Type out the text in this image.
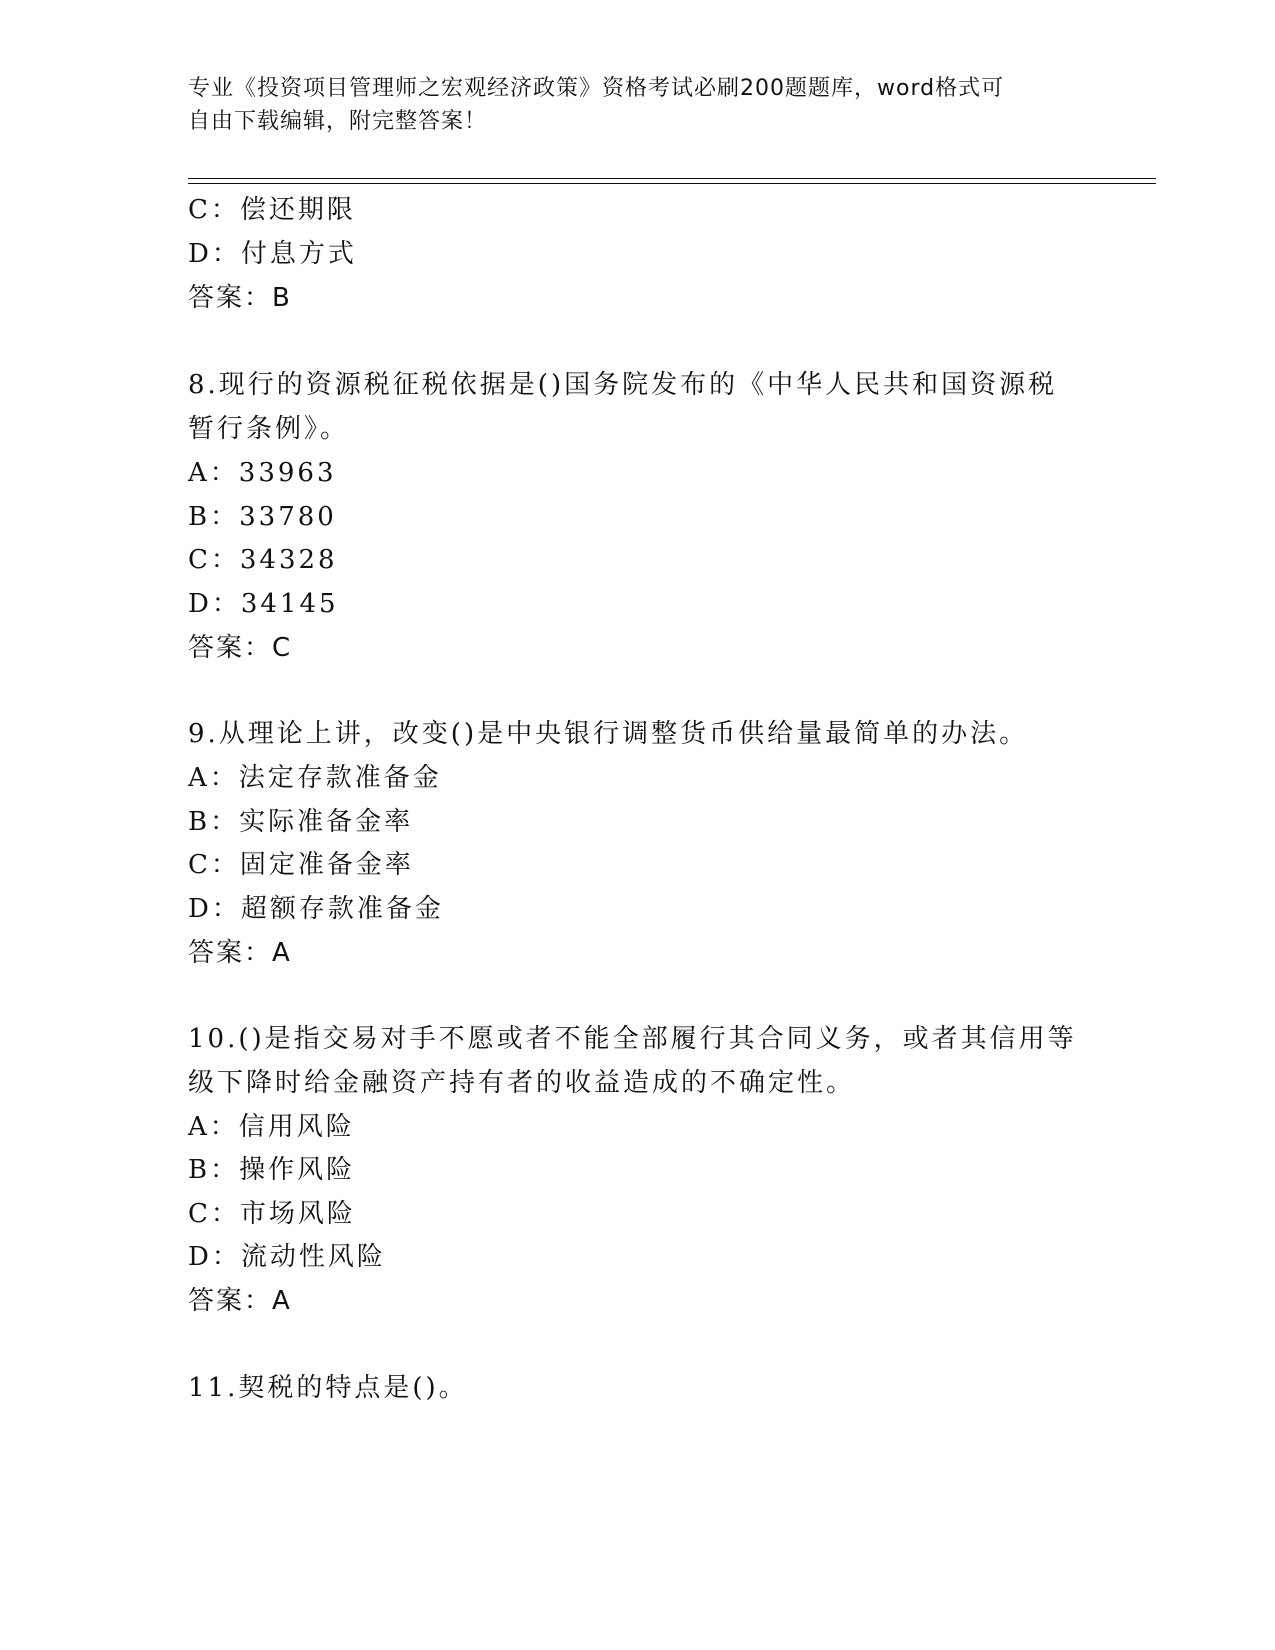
专业《投资项目管理师之宏观经济政策》资格考试必刷200题题库，word格式可
自由下载编辑，附完整答案！
C：偿还期限
D：付息方式
答案：B
8.现行的资源税征税依据是()国务院发布的《中华人民共和国资源税
暂行条例》。
A：33963
B：33780
C：34328
D：34145
答案：C
9.从理论上讲，改变()是中央银行调整货币供给量最简单的办法。
A：法定存款准备金
B：实际准备金率
C：固定准备金率
D：超额存款准备金
答案：A
10.()是指交易对手不愿或者不能全部履行其合同义务，或者其信用等
级下降时给金融资产持有者的收益造成的不确定性。
A：信用风险
B：操作风险
C：市场风险
D：流动性风险
答案：A
11.契税的特点是()。
